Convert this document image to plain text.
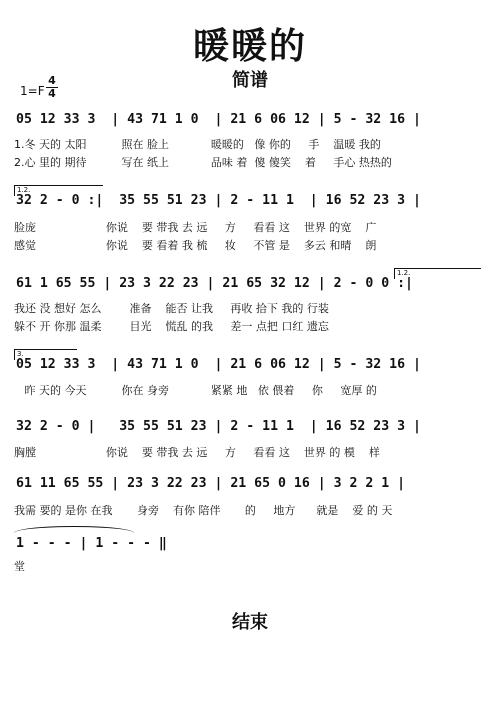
暖暖的
简谱
1=F
4
4
05 12 33 3  | 43 71 1 0  | 21 6 06 12 | 5 - 32 16 |
1.冬 天的 太阳          照在 脸上            暖暖的   像 你的     手    温暖 我的
2.心 里的 期待          写在 纸上            品味 着  傻 傻笑    着     手心 热热的
1.2.
32 2 - 0 :|  35 55 51 23 | 2 - 11 1  | 16 52 23 3 |
脸庞                    你说    要 带我 去 远     方     看看 这    世界 的宽    广
感觉                    你说    要 看着 我 梳     妆     不管 是    多云 和晴    朗
1.2.
61 1 65 55 | 23 3 22 23 | 21 65 32 12 | 2 - 0 0 :|
我还 没 想好 怎么        准备    能否 让我     再收 拾下 我的 行装
躲不 开 你那 温柔        目光    慌乱 的我     差一 点把 口红 遗忘
3.
05 12 33 3  | 43 71 1 0  | 21 6 06 12 | 5 - 32 16 |
昨 天的 今天          你在 身旁            紧紧 地   依 偎着     你     宽厚 的
32 2 - 0 |   35 55 51 23 | 2 - 11 1  | 16 52 23 3 |
胸膛                    你说    要 带我 去 远     方     看看 这    世界 的 模    样
61 11 65 55 | 23 3 22 23 | 21 65 0 16 | 3 2 2 1 |
我需 要的 是你 在我       身旁    有你 陪伴       的     地方      就是    爱 的 天
1 - - - | 1 - - - ‖
堂
结束
